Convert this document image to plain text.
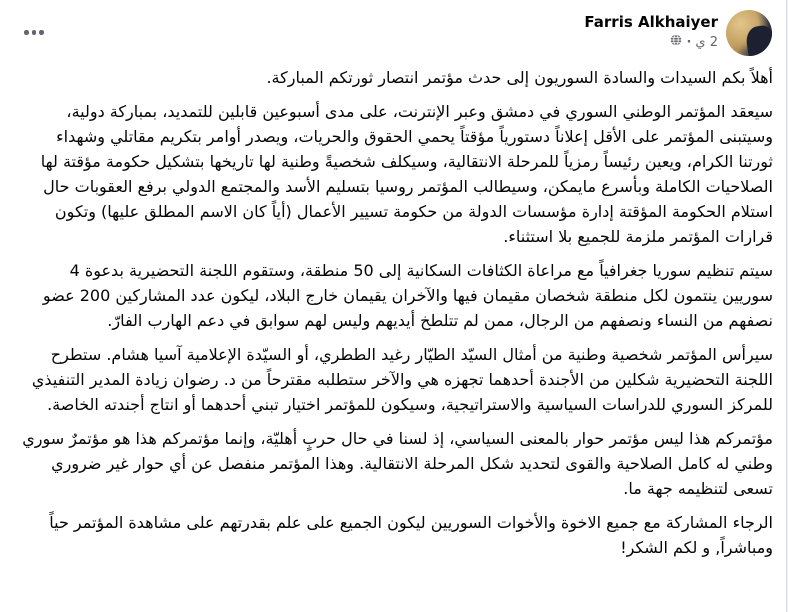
Farris Alkhaiyer
2 ي
·

أهلاً بكم السيدات والسادة السوريون إلى حدث مؤتمر انتصار ثورتكم المباركة.

سيعقد المؤتمر الوطني السوري في دمشق وعبر الإنترنت، على مدى أسبوعين قابلين للتمديد، بمباركة دولية، وسيتبنى المؤتمر على الأقل إعلاناً دستورياً مؤقتاً يحمي الحقوق والحريات، ويصدر أوامر بتكريم مقاتلي وشهداء ثورتنا الكرام، ويعين رئيساً رمزياً للمرحلة الانتقالية، وسيكلف شخصيةً وطنية لها تاريخها بتشكيل حكومة مؤقتة لها الصلاحيات الكاملة وبأسرع مايمكن، وسيطالب المؤتمر روسيا بتسليم الأسد والمجتمع الدولي برفع العقوبات حال استلام الحكومة المؤقتة إدارة مؤسسات الدولة من حكومة تسيير الأعمال (أياً كان الاسم المطلق عليها) وتكون قرارات المؤتمر ملزمة للجميع بلا استثناء.

سيتم تنظيم سوريا جغرافياً مع مراعاة الكثافات السكانية إلى 50 منطقة، وستقوم اللجنة التحضيرية بدعوة 4 سوريين ينتمون لكل منطقة شخصان مقيمان فيها والآخران يقيمان خارج البلاد، ليكون عدد المشاركين 200 عضو نصفهم من النساء ونصفهم من الرجال، ممن لم تتلطخ أيديهم وليس لهم سوابق في دعم الهارب الفارّ.

سيرأس المؤتمر شخصية وطنية من أمثال السيّد الطيّار رغيد الططري، أو السيّدة الإعلامية آسيا هشام. ستطرح اللجنة التحضيرية شكلين من الأجندة أحدهما تجهزه هي والآخر ستطلبه مقترحاً من د. رضوان زيادة المدير التنفيذي للمركز السوري للدراسات السياسية والاستراتيجية، وسيكون للمؤتمر اختيار تبني أحدهما أو انتاج أجندته الخاصة.

مؤتمركم هذا ليس مؤتمر حوار بالمعنى السياسي، إذ لسنا في حال حربٍ أهليّة، وإنما مؤتمركم هذا هو مؤتمرٌ سوري وطني له كامل الصلاحية والقوى لتحديد شكل المرحلة الانتقالية. وهذا المؤتمر منفصل عن أي حوار غير ضروري تسعى لتنظيمه جهة ما.

الرجاء المشاركة مع جميع الاخوة والأخوات السوريين ليكون الجميع على علم بقدرتهم على مشاهدة المؤتمر حياً ومباشراً, و لكم الشكر!
